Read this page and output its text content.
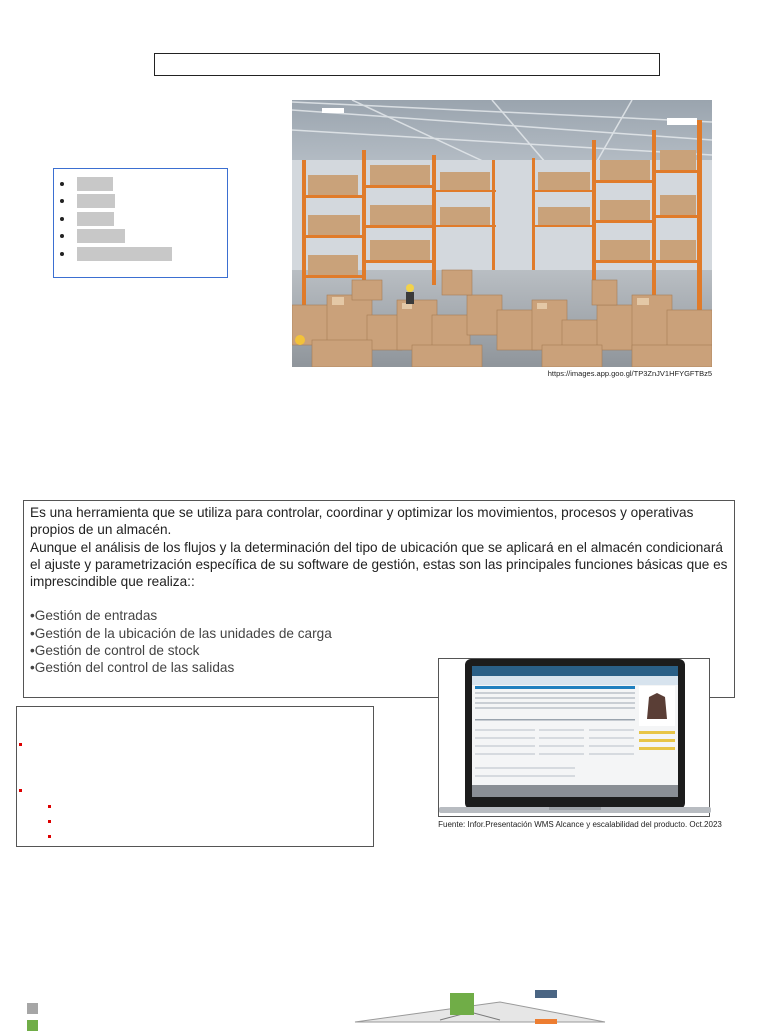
https://images.app.goo.gl/TP3ZnJV1HFYGFTBz5

Es una herramienta que se utiliza para controlar, coordinar y optimizar los movimientos, procesos y operativas propios de un almacén.

Aunque el análisis de los flujos y la determinación del tipo de ubicación que se aplicará en el almacén condicionará el ajuste y parametrización específica de su software de gestión, estas son las principales funciones básicas que es imprescindible que realiza::

•Gestión de entradas

•Gestión de la ubicación de las unidades de carga

•Gestión de control de stock

•Gestión del control de las salidas

Fuente: Infor.Presentación WMS Alcance y escalabilidad del producto. Oct.2023
